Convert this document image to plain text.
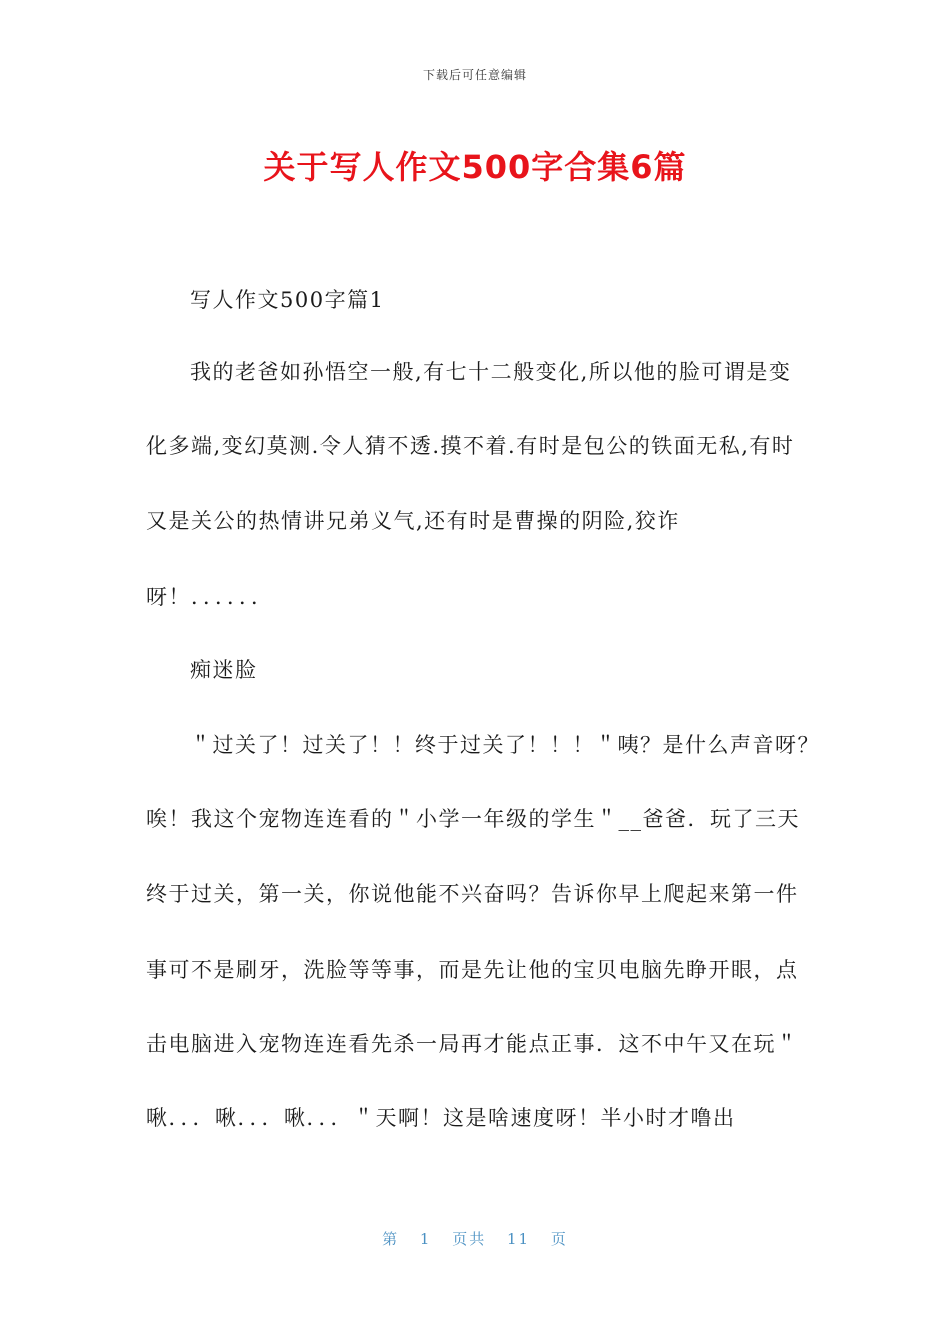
下载后可任意编辑
关于写人作文500字合集6篇
写人作文500字篇1
我的老爸如孙悟空一般,有七十二般变化,所以他的脸可谓是变
化多端,变幻莫测.令人猜不透.摸不着.有时是包公的铁面无私,有时
又是关公的热情讲兄弟义气,还有时是曹操的阴险,狡诈
呀！．．．．．．
痴迷脸
＂过关了！过关了！！终于过关了！！！＂咦？是什么声音呀？
唉！我这个宠物连连看的＂小学一年级的学生＂__爸爸．玩了三天
终于过关，第一关，你说他能不兴奋吗？告诉你早上爬起来第一件
事可不是刷牙，洗脸等等事，而是先让他的宝贝电脑先睁开眼，点
击电脑进入宠物连连看先杀一局再才能点正事．这不中午又在玩＂
啾．．．啾．．．啾．．．＂天啊！这是啥速度呀！半小时才噜出
第 1 页共 11 页
